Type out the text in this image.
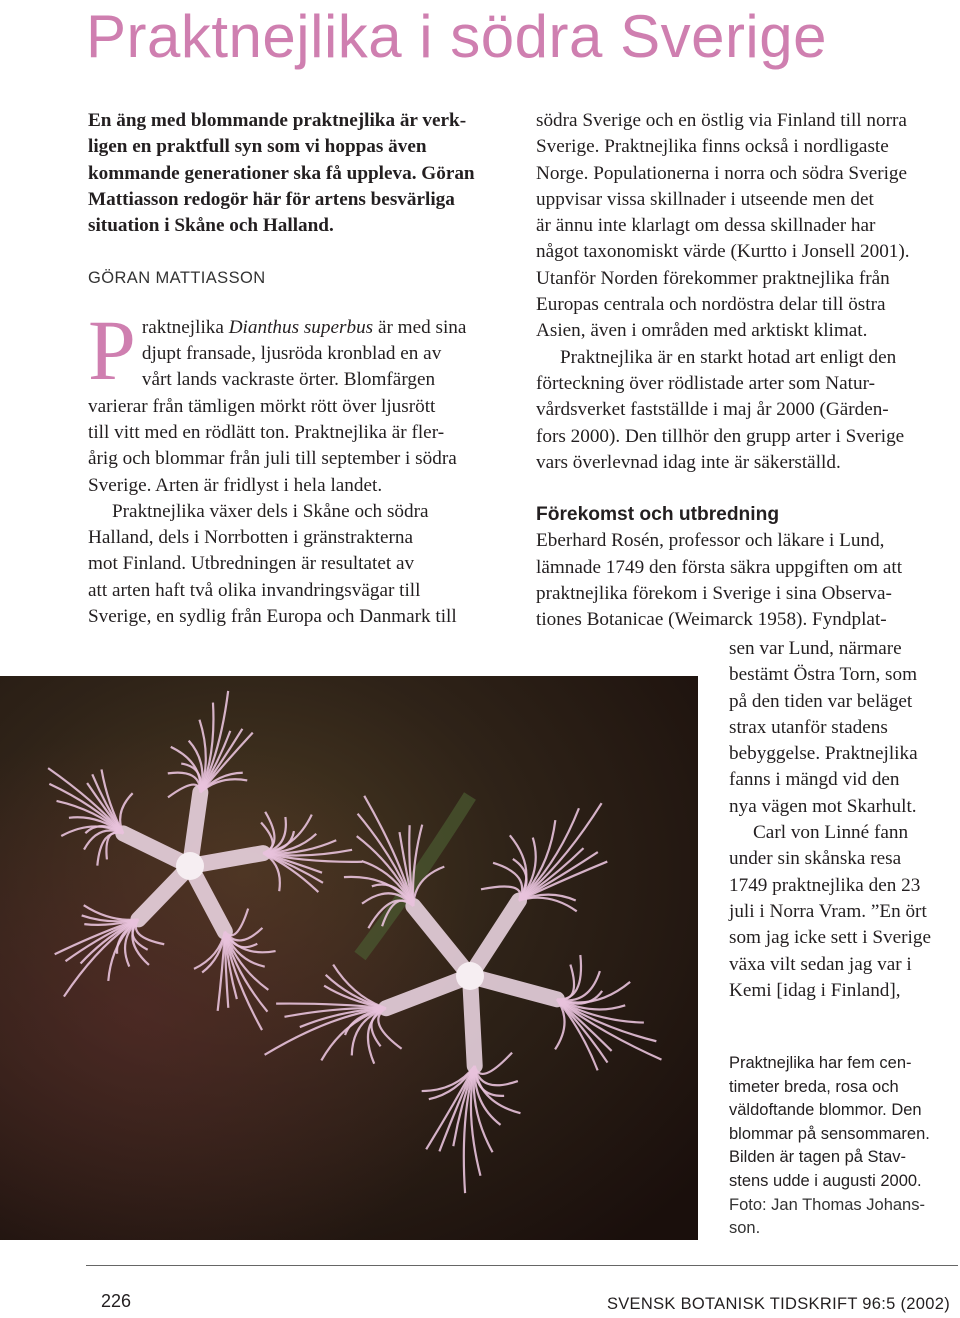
Praktnejlika i södra Sverige

En äng med blommande praktnejlika är verk-
ligen en praktfull syn som vi hoppas även
kommande generationer ska få uppleva. Göran
Mattiasson redogör här för artens besvärliga
situation i Skåne och Halland.

GÖRAN MATTIASSON

P raktnejlika Dianthus superbus är med sina
djupt fransade, ljusröda kronblad en av
vårt lands vackraste örter. Blomfärgen
varierar från tämligen mörkt rött över ljusrött
till vitt med en rödlätt ton. Praktnejlika är fler-
årig och blommar från juli till september i södra
Sverige. Arten är fridlyst i hela landet.

Praktnejlika växer dels i Skåne och södra
Halland, dels i Norrbotten i gränstrakterna
mot Finland. Utbredningen är resultatet av
att arten haft två olika invandringsvägar till
Sverige, en sydlig från Europa och Danmark till

södra Sverige och en östlig via Finland till norra
Sverige. Praktnejlika finns också i nordligaste
Norge. Populationerna i norra och södra Sverige
uppvisar vissa skillnader i utseende men det
är ännu inte klarlagt om dessa skillnader har
något taxonomiskt värde (Kurtto i Jonsell 2001).
Utanför Norden förekommer praktnejlika från
Europas centrala och nordöstra delar till östra
Asien, även i områden med arktiskt klimat.

Praktnejlika är en starkt hotad art enligt den
förteckning över rödlistade arter som Natur-
vårdsverket fastställde i maj år 2000 (Gärden-
fors 2000). Den tillhör den grupp arter i Sverige
vars överlevnad idag inte är säkerställd.

Förekomst och utbredning

Eberhard Rosén, professor och läkare i Lund,
lämnade 1749 den första säkra uppgiften om att
praktnejlika förekom i Sverige i sina Observa-
tiones Botanicae (Weimarck 1958). Fyndplat-

sen var Lund, närmare
bestämt Östra Torn, som
på den tiden var beläget
strax utanför stadens
bebyggelse. Praktnejlika
fanns i mängd vid den
nya vägen mot Skarhult.
Carl von Linné fann
under sin skånska resa
1749 praktnejlika den 23
juli i Norra Vram. ”En ört
som jag icke sett i Sverige
växa vilt sedan jag var i
Kemi [idag i Finland],
Praktnejlika har fem cen-
timeter breda, rosa och
väldoftande blommor. Den
blommar på sensommaren.
Bilden är tagen på Stav-
stens udde i augusti 2000.
Foto: Jan Thomas Johans-
son.
226	SVENSK BOTANISK TIDSKRIFT 96:5 (2002)
